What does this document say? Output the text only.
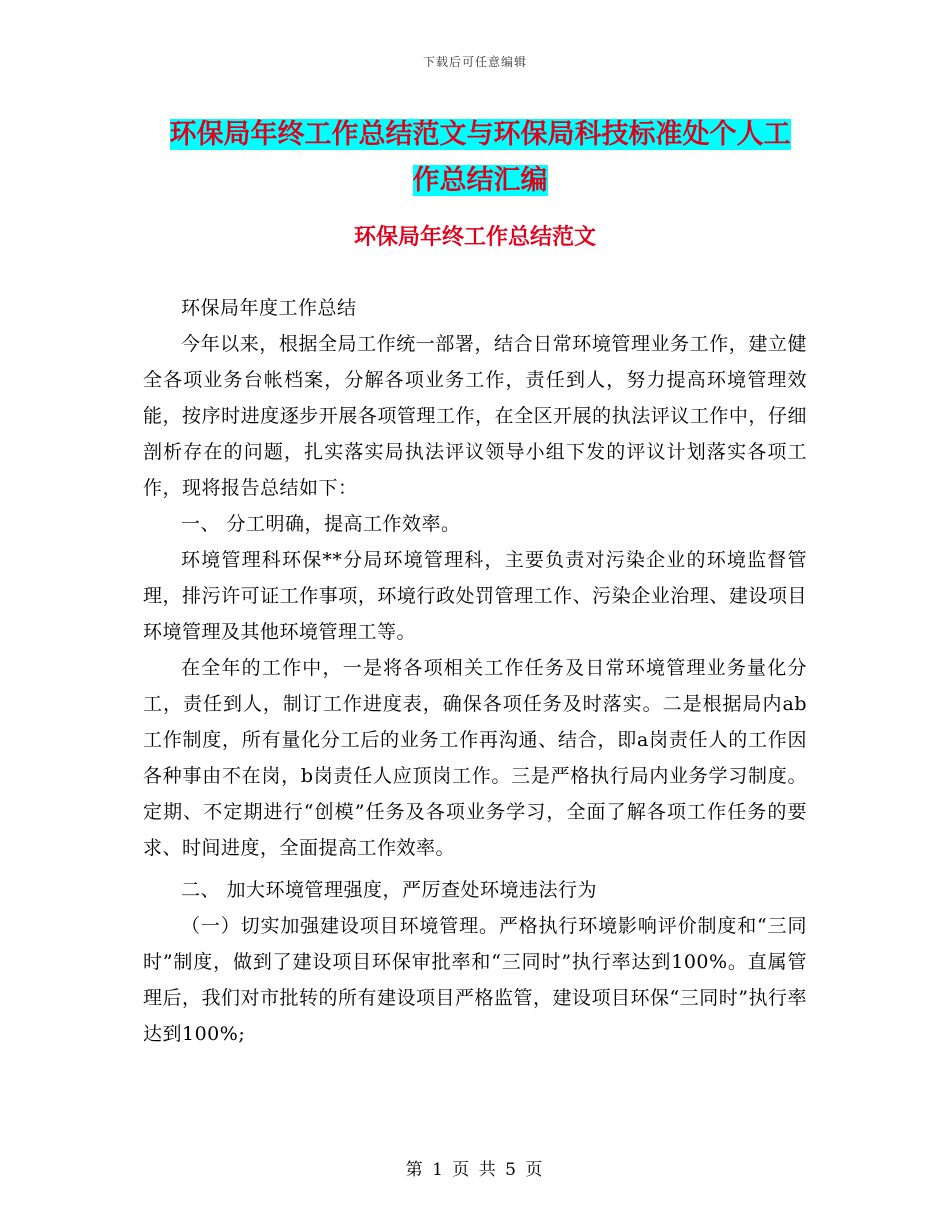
下载后可任意编辑
环保局年终工作总结范文与环保局科技标准处个人工
作总结汇编
环保局年终工作总结范文

环保局年度工作总结

今年以来，根据全局工作统一部署，结合日常环境管理业务工作，建立健全各项业务台帐档案，分解各项业务工作，责任到人，努力提高环境管理效能，按序时进度逐步开展各项管理工作，在全区开展的执法评议工作中，仔细剖析存在的问题，扎实落实局执法评议领导小组下发的评议计划落实各项工作，现将报告总结如下：

一、 分工明确，提高工作效率。

环境管理科环保**分局环境管理科，主要负责对污染企业的环境监督管理，排污许可证工作事项，环境行政处罚管理工作、污染企业治理、建设项目环境管理及其他环境管理工等。

在全年的工作中，一是将各项相关工作任务及日常环境管理业务量化分工，责任到人，制订工作进度表，确保各项任务及时落实。二是根据局内ab工作制度，所有量化分工后的业务工作再沟通、结合，即a岗责任人的工作因各种事由不在岗，b岗责任人应顶岗工作。三是严格执行局内业务学习制度。定期、不定期进行“创模”任务及各项业务学习，全面了解各项工作任务的要求、时间进度，全面提高工作效率。

二、 加大环境管理强度，严厉查处环境违法行为

（一）切实加强建设项目环境管理。严格执行环境影响评价制度和“三同时”制度，做到了建设项目环保审批率和“三同时”执行率达到100%。直属管理后，我们对市批转的所有建设项目严格监管，建设项目环保“三同时”执行率达到100%;

第 1 页 共 5 页
